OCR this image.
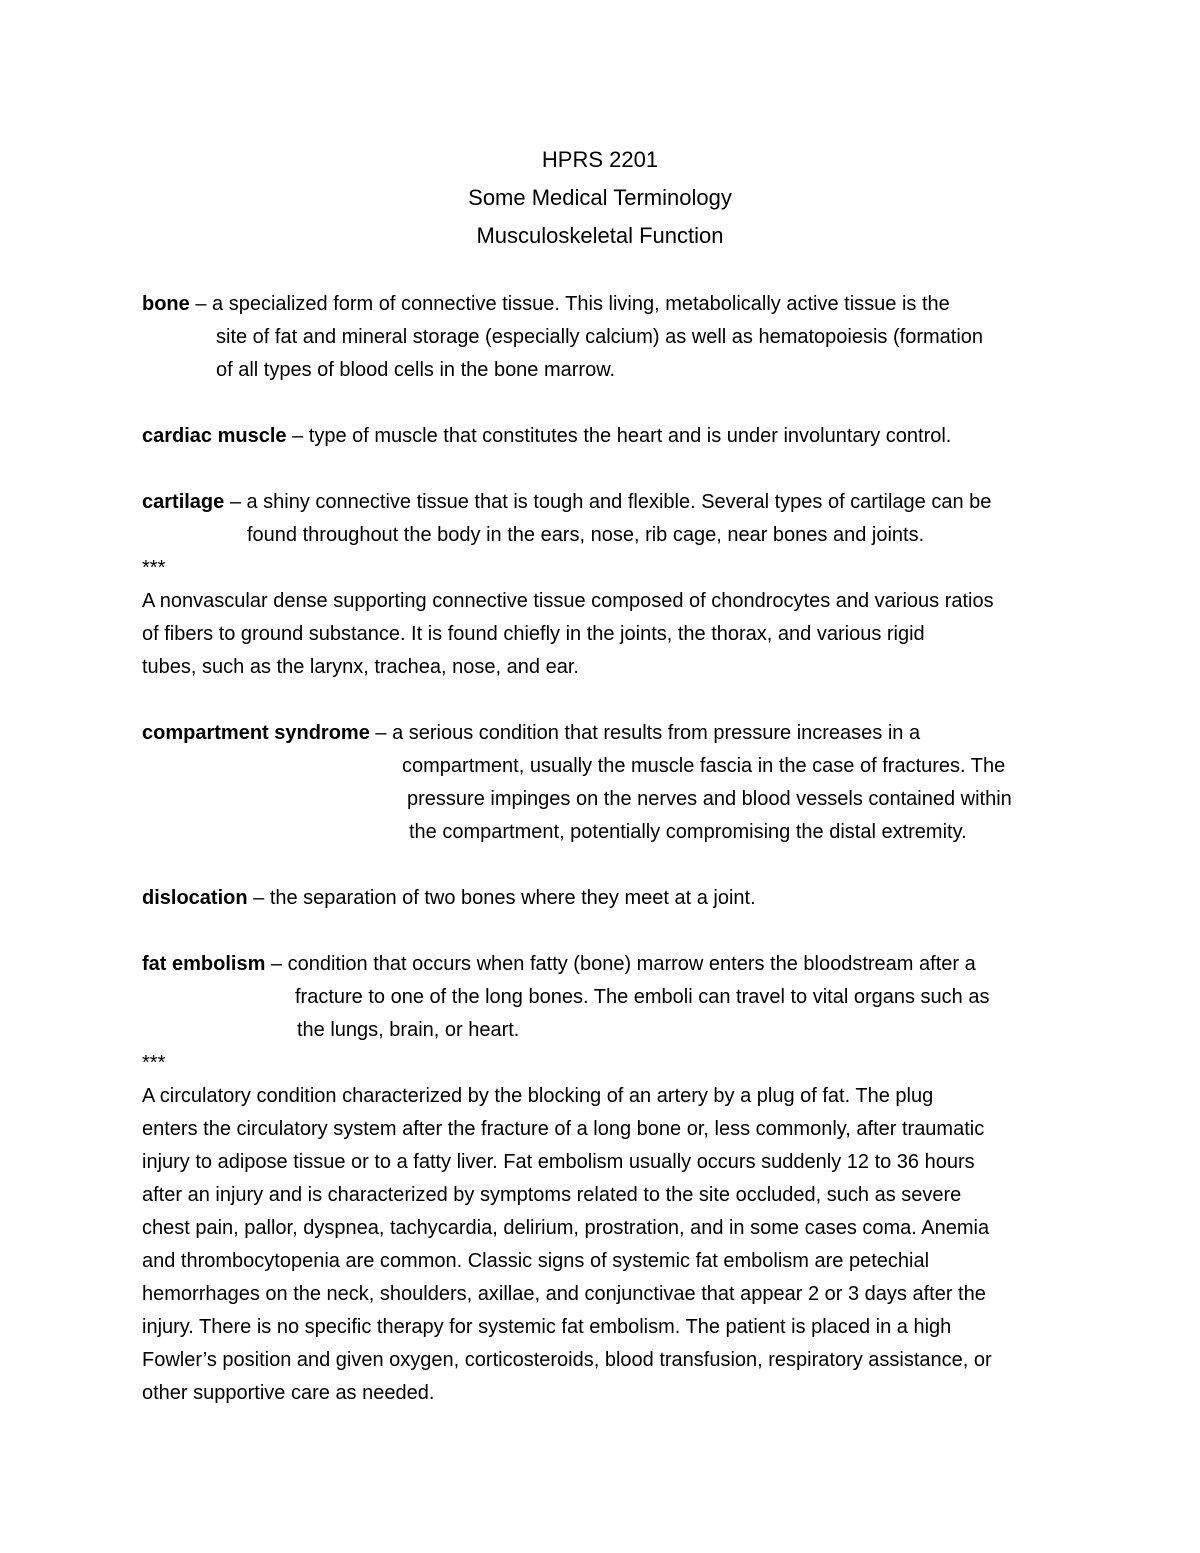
HPRS 2201
Some Medical Terminology
Musculoskeletal Function
bone – a specialized form of connective tissue. This living, metabolically active tissue is the
site of fat and mineral storage (especially calcium) as well as hematopoiesis (formation
of all types of blood cells in the bone marrow.
cardiac muscle – type of muscle that constitutes the heart and is under involuntary control.
cartilage – a shiny connective tissue that is tough and flexible. Several types of cartilage can be
found throughout the body in the ears, nose, rib cage, near bones and joints.
***
A nonvascular dense supporting connective tissue composed of chondrocytes and various ratios
of fibers to ground substance. It is found chiefly in the joints, the thorax, and various rigid
tubes, such as the larynx, trachea, nose, and ear.
compartment syndrome – a serious condition that results from pressure increases in a
compartment, usually the muscle fascia in the case of fractures. The
pressure impinges on the nerves and blood vessels contained within
the compartment, potentially compromising the distal extremity.
dislocation – the separation of two bones where they meet at a joint.
fat embolism – condition that occurs when fatty (bone) marrow enters the bloodstream after a
fracture to one of the long bones. The emboli can travel to vital organs such as
the lungs, brain, or heart.
***
A circulatory condition characterized by the blocking of an artery by a plug of fat. The plug
enters the circulatory system after the fracture of a long bone or, less commonly, after traumatic
injury to adipose tissue or to a fatty liver. Fat embolism usually occurs suddenly 12 to 36 hours
after an injury and is characterized by symptoms related to the site occluded, such as severe
chest pain, pallor, dyspnea, tachycardia, delirium, prostration, and in some cases coma. Anemia
and thrombocytopenia are common. Classic signs of systemic fat embolism are petechial
hemorrhages on the neck, shoulders, axillae, and conjunctivae that appear 2 or 3 days after the
injury. There is no specific therapy for systemic fat embolism. The patient is placed in a high
Fowler’s position and given oxygen, corticosteroids, blood transfusion, respiratory assistance, or
other supportive care as needed.
